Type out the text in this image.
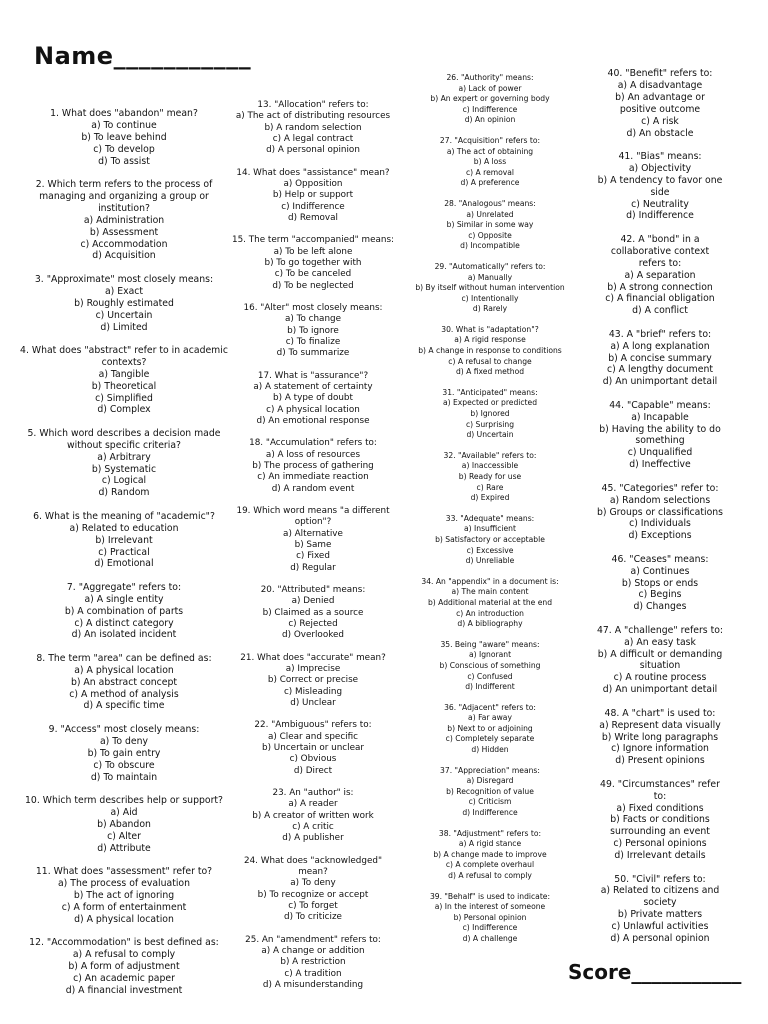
Name___________
1. What does "abandon" mean?
a) To continue
b) To leave behind
c) To develop
d) To assist
2. Which term refers to the process of managing and organizing a group or institution?
a) Administration
b) Assessment
c) Accommodation
d) Acquisition
3. "Approximate" most closely means:
a) Exact
b) Roughly estimated
c) Uncertain
d) Limited
4. What does "abstract" refer to in academic contexts?
a) Tangible
b) Theoretical
c) Simplified
d) Complex
5. Which word describes a decision made without specific criteria?
a) Arbitrary
b) Systematic
c) Logical
d) Random
6. What is the meaning of "academic"?
a) Related to education
b) Irrelevant
c) Practical
d) Emotional
7. "Aggregate" refers to:
a) A single entity
b) A combination of parts
c) A distinct category
d) An isolated incident
8. The term "area" can be defined as:
a) A physical location
b) An abstract concept
c) A method of analysis
d) A specific time
9. "Access" most closely means:
a) To deny
b) To gain entry
c) To obscure
d) To maintain
10. Which term describes help or support?
a) Aid
b) Abandon
c) Alter
d) Attribute
11. What does "assessment" refer to?
a) The process of evaluation
b) The act of ignoring
c) A form of entertainment
d) A physical location
12. "Accommodation" is best defined as:
a) A refusal to comply
b) A form of adjustment
c) An academic paper
d) A financial investment
13. "Allocation" refers to:
a) The act of distributing resources
b) A random selection
c) A legal contract
d) A personal opinion
14. What does "assistance" mean?
a) Opposition
b) Help or support
c) Indifference
d) Removal
15. The term "accompanied" means:
a) To be left alone
b) To go together with
c) To be canceled
d) To be neglected
16. "Alter" most closely means:
a) To change
b) To ignore
c) To finalize
d) To summarize
17. What is "assurance"?
a) A statement of certainty
b) A type of doubt
c) A physical location
d) An emotional response
18. "Accumulation" refers to:
a) A loss of resources
b) The process of gathering
c) An immediate reaction
d) A random event
19. Which word means "a different option"?
a) Alternative
b) Same
c) Fixed
d) Regular
20. "Attributed" means:
a) Denied
b) Claimed as a source
c) Rejected
d) Overlooked
21. What does "accurate" mean?
a) Imprecise
b) Correct or precise
c) Misleading
d) Unclear
22. "Ambiguous" refers to:
a) Clear and specific
b) Uncertain or unclear
c) Obvious
d) Direct
23. An "author" is:
a) A reader
b) A creator of written work
c) A critic
d) A publisher
24. What does "acknowledged" mean?
a) To deny
b) To recognize or accept
c) To forget
d) To criticize
25. An "amendment" refers to:
a) A change or addition
b) A restriction
c) A tradition
d) A misunderstanding
26. "Authority" means:
a) Lack of power
b) An expert or governing body
c) Indifference
d) An opinion
27. "Acquisition" refers to:
a) The act of obtaining
b) A loss
c) A removal
d) A preference
28. "Analogous" means:
a) Unrelated
b) Similar in some way
c) Opposite
d) Incompatible
29. "Automatically" refers to:
a) Manually
b) By itself without human intervention
c) Intentionally
d) Rarely
30. What is "adaptation"?
a) A rigid response
b) A change in response to conditions
c) A refusal to change
d) A fixed method
31. "Anticipated" means:
a) Expected or predicted
b) Ignored
c) Surprising
d) Uncertain
32. "Available" refers to:
a) Inaccessible
b) Ready for use
c) Rare
d) Expired
33. "Adequate" means:
a) Insufficient
b) Satisfactory or acceptable
c) Excessive
d) Unreliable
34. An "appendix" in a document is:
a) The main content
b) Additional material at the end
c) An introduction
d) A bibliography
35. Being "aware" means:
a) Ignorant
b) Conscious of something
c) Confused
d) Indifferent
36. "Adjacent" refers to:
a) Far away
b) Next to or adjoining
c) Completely separate
d) Hidden
37. "Appreciation" means:
a) Disregard
b) Recognition of value
c) Criticism
d) Indifference
38. "Adjustment" refers to:
a) A rigid stance
b) A change made to improve
c) A complete overhaul
d) A refusal to comply
39. "Behalf" is used to indicate:
a) In the interest of someone
b) Personal opinion
c) Indifference
d) A challenge
40. "Benefit" refers to:
a) A disadvantage
b) An advantage or positive outcome
c) A risk
d) An obstacle
41. "Bias" means:
a) Objectivity
b) A tendency to favor one side
c) Neutrality
d) Indifference
42. A "bond" in a collaborative context refers to:
a) A separation
b) A strong connection
c) A financial obligation
d) A conflict
43. A "brief" refers to:
a) A long explanation
b) A concise summary
c) A lengthy document
d) An unimportant detail
44. "Capable" means:
a) Incapable
b) Having the ability to do something
c) Unqualified
d) Ineffective
45. "Categories" refer to:
a) Random selections
b) Groups or classifications
c) Individuals
d) Exceptions
46. "Ceases" means:
a) Continues
b) Stops or ends
c) Begins
d) Changes
47. A "challenge" refers to:
a) An easy task
b) A difficult or demanding situation
c) A routine process
d) An unimportant detail
48. A "chart" is used to:
a) Represent data visually
b) Write long paragraphs
c) Ignore information
d) Present opinions
49. "Circumstances" refer to:
a) Fixed conditions
b) Facts or conditions surrounding an event
c) Personal opinions
d) Irrelevant details
50. "Civil" refers to:
a) Related to citizens and society
b) Private matters
c) Unlawful activities
d) A personal opinion
Score___________
